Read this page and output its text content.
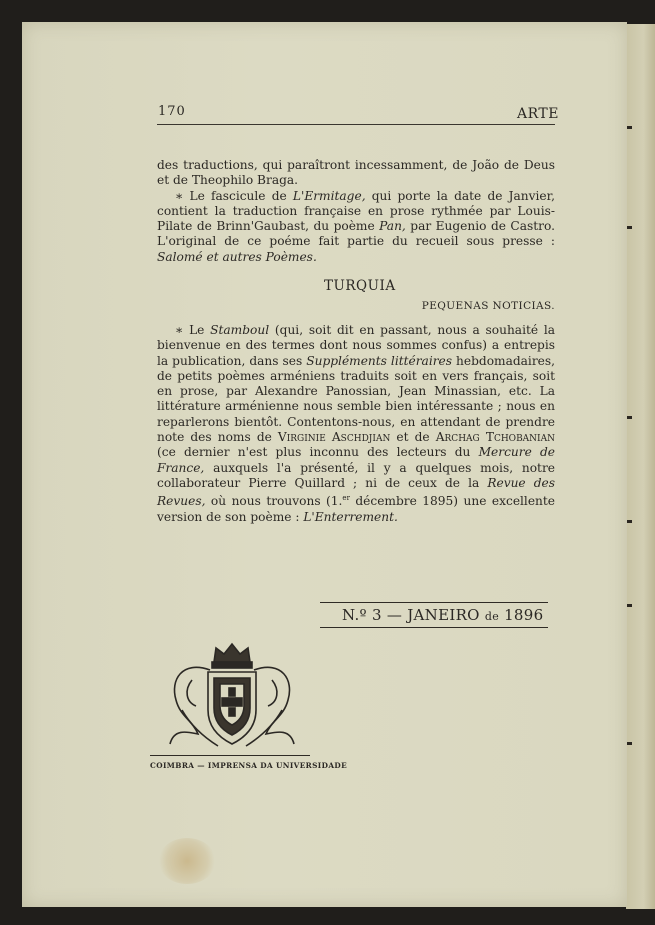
170	ARTE
des traductions, qui paraîtront incessamment, de João de Deus et de Theophilo Braga.
∗ Le fascicule de L'Ermitage, qui porte la date de Janvier, contient la traduction française en prose rythmée par Louis-Pilate de Brinn'Gaubast, du poème Pan, par Eugenio de Castro. L'original de ce poéme fait partie du recueil sous presse : Salomé et autres Poèmes.
TURQUIA
PEQUENAS NOTICIAS.
∗ Le Stamboul (qui, soit dit en passant, nous a souhaité la bienvenue en des termes dont nous sommes confus) a entrepis la publication, dans ses Suppléments littéraires hebdomadaires, de petits poèmes arméniens traduits soit en vers français, soit en prose, par Alexandre Panossian, Jean Minassian, etc. La littérature arménienne nous semble bien intéressante ; nous en reparlerons bientôt. Contentons-nous, en attendant de prendre note des noms de Virginie Aschdjian et de Archag Tchobanian (ce dernier n'est plus inconnu des lecteurs du Mercure de France, auxquels l'a présenté, il y a quelques mois, notre collaborateur Pierre Quillard ; ni de ceux de la Revue des Revues, où nous trouvons (1.$^{er}$ décembre 1895) une excellente version de son poème : L'Enterrement.
N.º 3 — JANEIRO de 1896
COIMBRA — IMPRENSA DA UNIVERSIDADE
